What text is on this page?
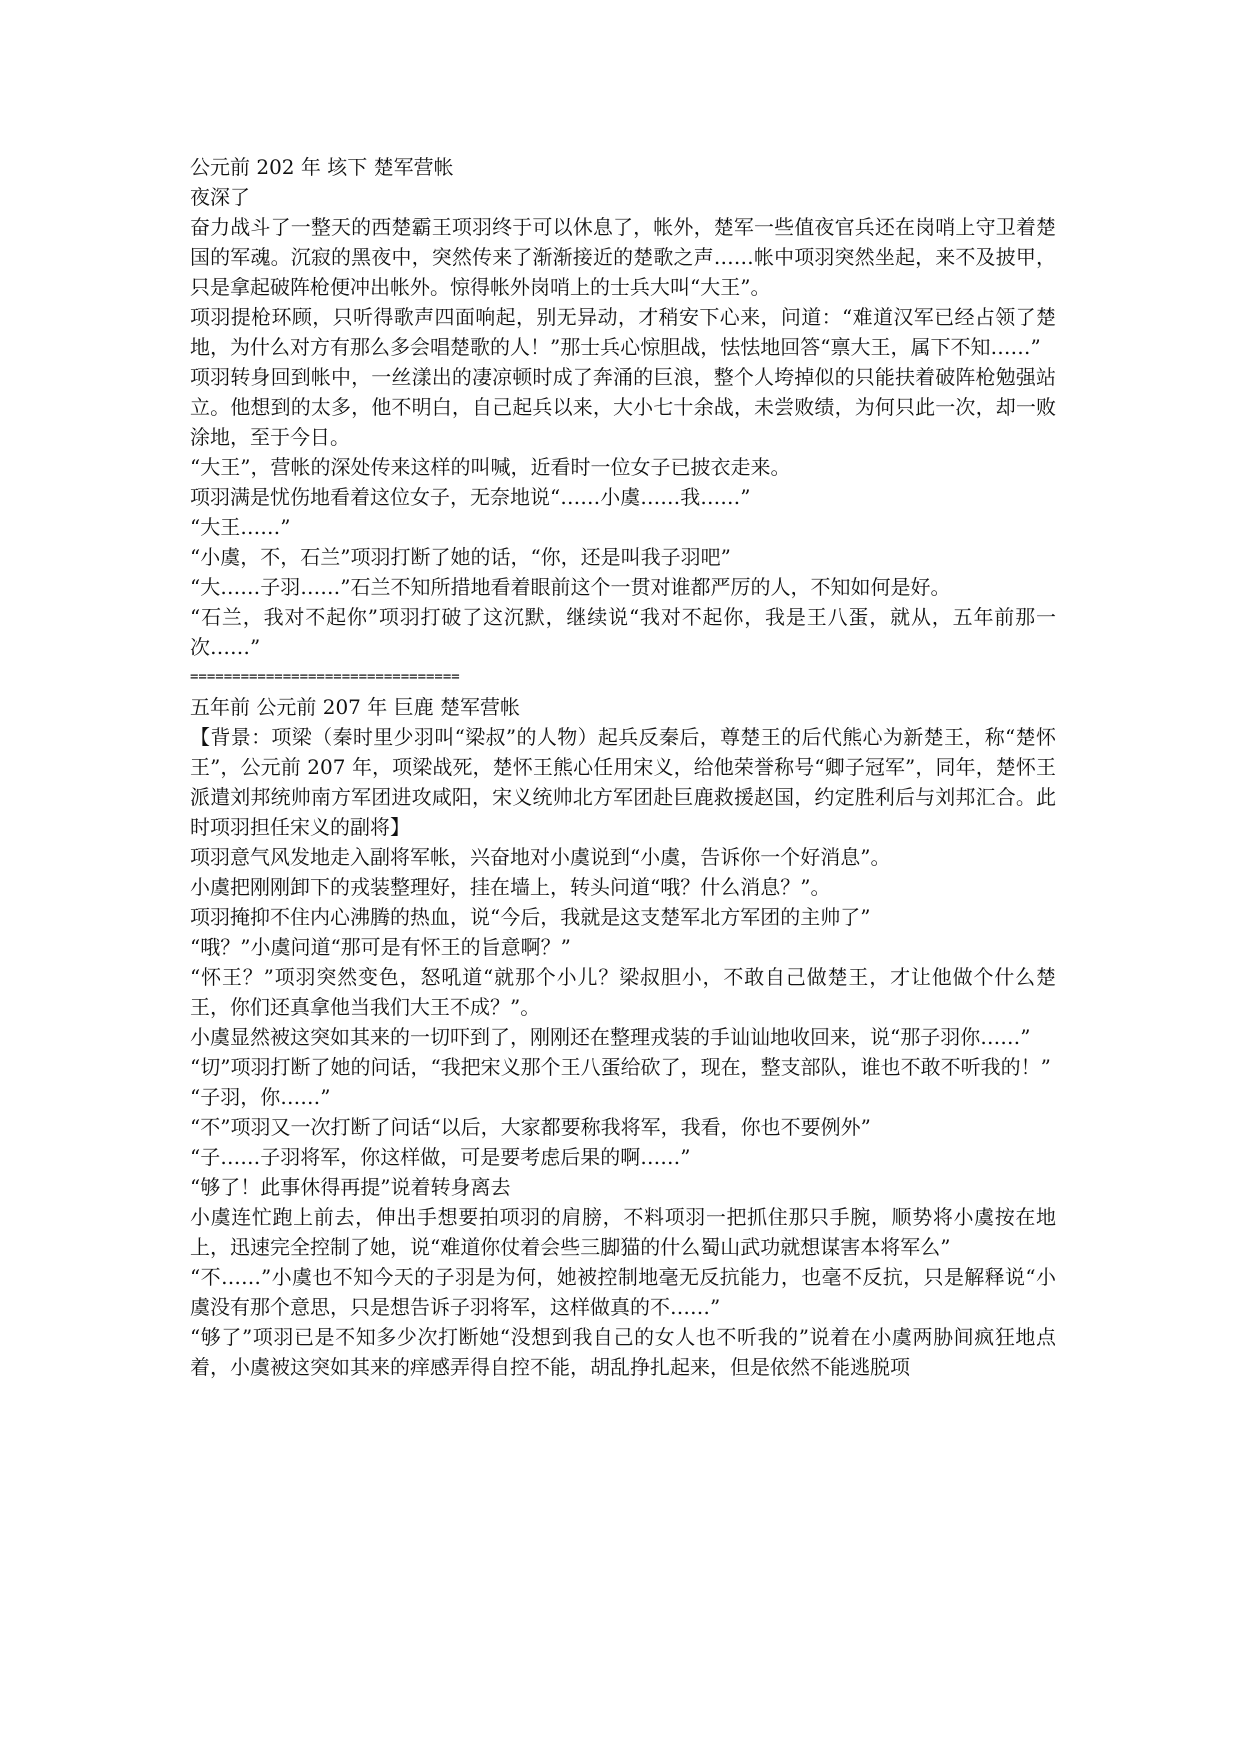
公元前 202 年 垓下 楚军营帐

夜深了

奋力战斗了一整天的西楚霸王项羽终于可以休息了，帐外，楚军一些值夜官兵还在岗哨上守卫着楚国的军魂。沉寂的黑夜中，突然传来了渐渐接近的楚歌之声……帐中项羽突然坐起，来不及披甲，只是拿起破阵枪便冲出帐外。惊得帐外岗哨上的士兵大叫“大王”。

项羽提枪环顾，只听得歌声四面响起，别无异动，才稍安下心来，问道：“难道汉军已经占领了楚地，为什么对方有那么多会唱楚歌的人！”那士兵心惊胆战，怯怯地回答“禀大王，属下不知……”

项羽转身回到帐中，一丝漾出的凄凉顿时成了奔涌的巨浪，整个人垮掉似的只能扶着破阵枪勉强站立。他想到的太多，他不明白，自己起兵以来，大小七十余战，未尝败绩，为何只此一次，却一败涂地，至于今日。

“大王”，营帐的深处传来这样的叫喊，近看时一位女子已披衣走来。

项羽满是忧伤地看着这位女子，无奈地说“……小虞……我……”

“大王……”

“小虞，不，石兰”项羽打断了她的话，“你，还是叫我子羽吧”

“大……子羽……”石兰不知所措地看着眼前这个一贯对谁都严厉的人，不知如何是好。

“石兰，我对不起你”项羽打破了这沉默，继续说“我对不起你，我是王八蛋，就从，五年前那一次……”

================================

五年前 公元前 207 年 巨鹿 楚军营帐

【背景：项梁（秦时里少羽叫“梁叔”的人物）起兵反秦后，尊楚王的后代熊心为新楚王，称“楚怀王”，公元前 207 年，项梁战死，楚怀王熊心任用宋义，给他荣誉称号“卿子冠军”，同年，楚怀王派遣刘邦统帅南方军团进攻咸阳，宋义统帅北方军团赴巨鹿救援赵国，约定胜利后与刘邦汇合。此时项羽担任宋义的副将】

项羽意气风发地走入副将军帐，兴奋地对小虞说到“小虞，告诉你一个好消息”。

小虞把刚刚卸下的戎装整理好，挂在墙上，转头问道“哦？什么消息？”。

项羽掩抑不住内心沸腾的热血，说“今后，我就是这支楚军北方军团的主帅了”

“哦？”小虞问道“那可是有怀王的旨意啊？”

“怀王？”项羽突然变色，怒吼道“就那个小儿？梁叔胆小，不敢自己做楚王，才让他做个什么楚王，你们还真拿他当我们大王不成？”。

小虞显然被这突如其来的一切吓到了，刚刚还在整理戎装的手讪讪地收回来，说“那子羽你……”

“切”项羽打断了她的问话，“我把宋义那个王八蛋给砍了，现在，整支部队，谁也不敢不听我的！”

“子羽，你……”

“不”项羽又一次打断了问话“以后，大家都要称我将军，我看，你也不要例外”

“子……子羽将军，你这样做，可是要考虑后果的啊……”

“够了！此事休得再提”说着转身离去

小虞连忙跑上前去，伸出手想要拍项羽的肩膀，不料项羽一把抓住那只手腕，顺势将小虞按在地上，迅速完全控制了她，说“难道你仗着会些三脚猫的什么蜀山武功就想谋害本将军么”

“不……”小虞也不知今天的子羽是为何，她被控制地毫无反抗能力，也毫不反抗，只是解释说“小虞没有那个意思，只是想告诉子羽将军，这样做真的不……”

“够了”项羽已是不知多少次打断她“没想到我自己的女人也不听我的”说着在小虞两胁间疯狂地点着，小虞被这突如其来的痒感弄得自控不能，胡乱挣扎起来，但是依然不能逃脱项
